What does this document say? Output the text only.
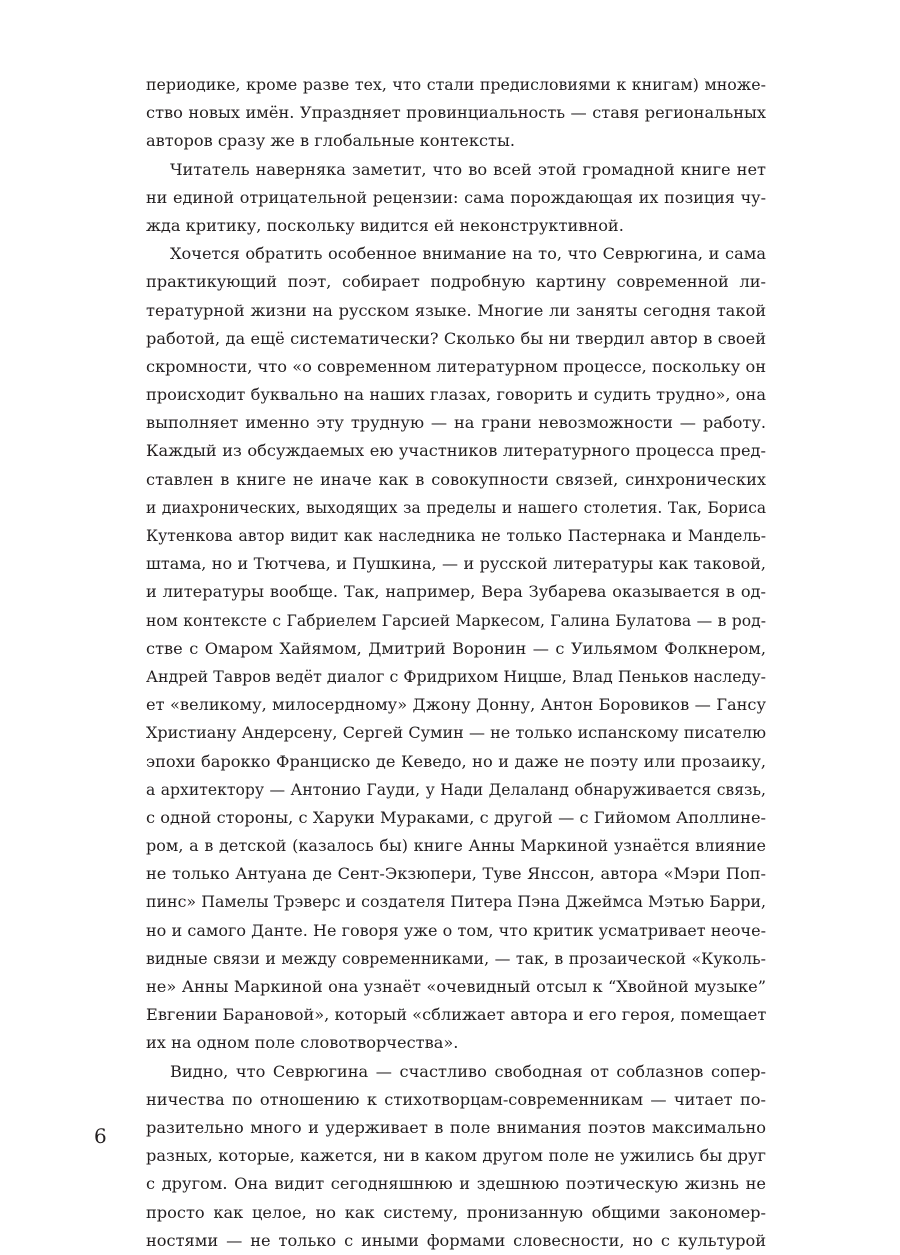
периодике, кроме разве тех, что стали предисловиями к книгам) множе-
ство новых имён. Упраздняет провинциальность — ставя региональных
авторов сразу же в глобальные контексты.
Читатель наверняка заметит, что во всей этой громадной книге нет
ни единой отрицательной рецензии: сама порождающая их позиция чу-
жда критику, поскольку видится ей неконструктивной.
Хочется обратить особенное внимание на то, что Севрюгина, и сама
практикующий поэт, собирает подробную картину современной ли-
тературной жизни на русском языке. Многие ли заняты сегодня такой
работой, да ещё систематически? Сколько бы ни твердил автор в своей
скромности, что «о современном литературном процессе, поскольку он
происходит буквально на наших глазах, говорить и судить трудно», она
выполняет именно эту трудную — на грани невозможности — работу.
Каждый из обсуждаемых ею участников литературного процесса пред-
ставлен в книге не иначе как в совокупности связей, синхронических
и диахронических, выходящих за пределы и нашего столетия. Так, Бориса
Кутенкова автор видит как наследника не только Пастернака и Мандель-
штама, но и Тютчева, и Пушкина, — и русской литературы как таковой,
и литературы вообще. Так, например, Вера Зубарева оказывается в од-
ном контексте с Габриелем Гарсией Маркесом, Галина Булатова — в род-
стве с Омаром Хайямом, Дмитрий Воронин — с Уильямом Фолкнером,
Андрей Тавров ведёт диалог с Фридрихом Ницше, Влад Пеньков наследу-
ет «великому, милосердному» Джону Донну, Антон Боровиков — Гансу
Христиану Андерсену, Сергей Сумин — не только испанскому писателю
эпохи барокко Франциско де Кеведо, но и даже не поэту или прозаику,
а архитектору — Антонио Гауди, у Нади Делаланд обнаруживается связь,
с одной стороны, с Харуки Мураками, с другой — с Гийомом Аполлине-
ром, а в детской (казалось бы) книге Анны Маркиной узнаётся влияние
не только Антуана де Сент-Экзюпери, Туве Янссон, автора «Мэри Поп-
пинс» Памелы Трэверс и создателя Питера Пэна Джеймса Мэтью Барри,
но и самого Данте. Не говоря уже о том, что критик усматривает неоче-
видные связи и между современниками, — так, в прозаической «Куколь-
не» Анны Маркиной она узнаёт «очевидный отсыл к “Хвойной музыке”
Евгении Барановой», который «сближает автора и его героя, помещает
их на одном поле словотворчества».
Видно, что Севрюгина — счастливо свободная от соблазнов сопер-
ничества по отношению к стихотворцам-современникам — читает по-
разительно много и удерживает в поле внимания поэтов максимально
разных, которые, кажется, ни в каком другом поле не ужились бы друг
с другом. Она видит сегодняшнюю и здешнюю поэтическую жизнь не
просто как целое, но как систему, пронизанную общими закономер-
ностями — не только с иными формами словесности, но с культурой
6
